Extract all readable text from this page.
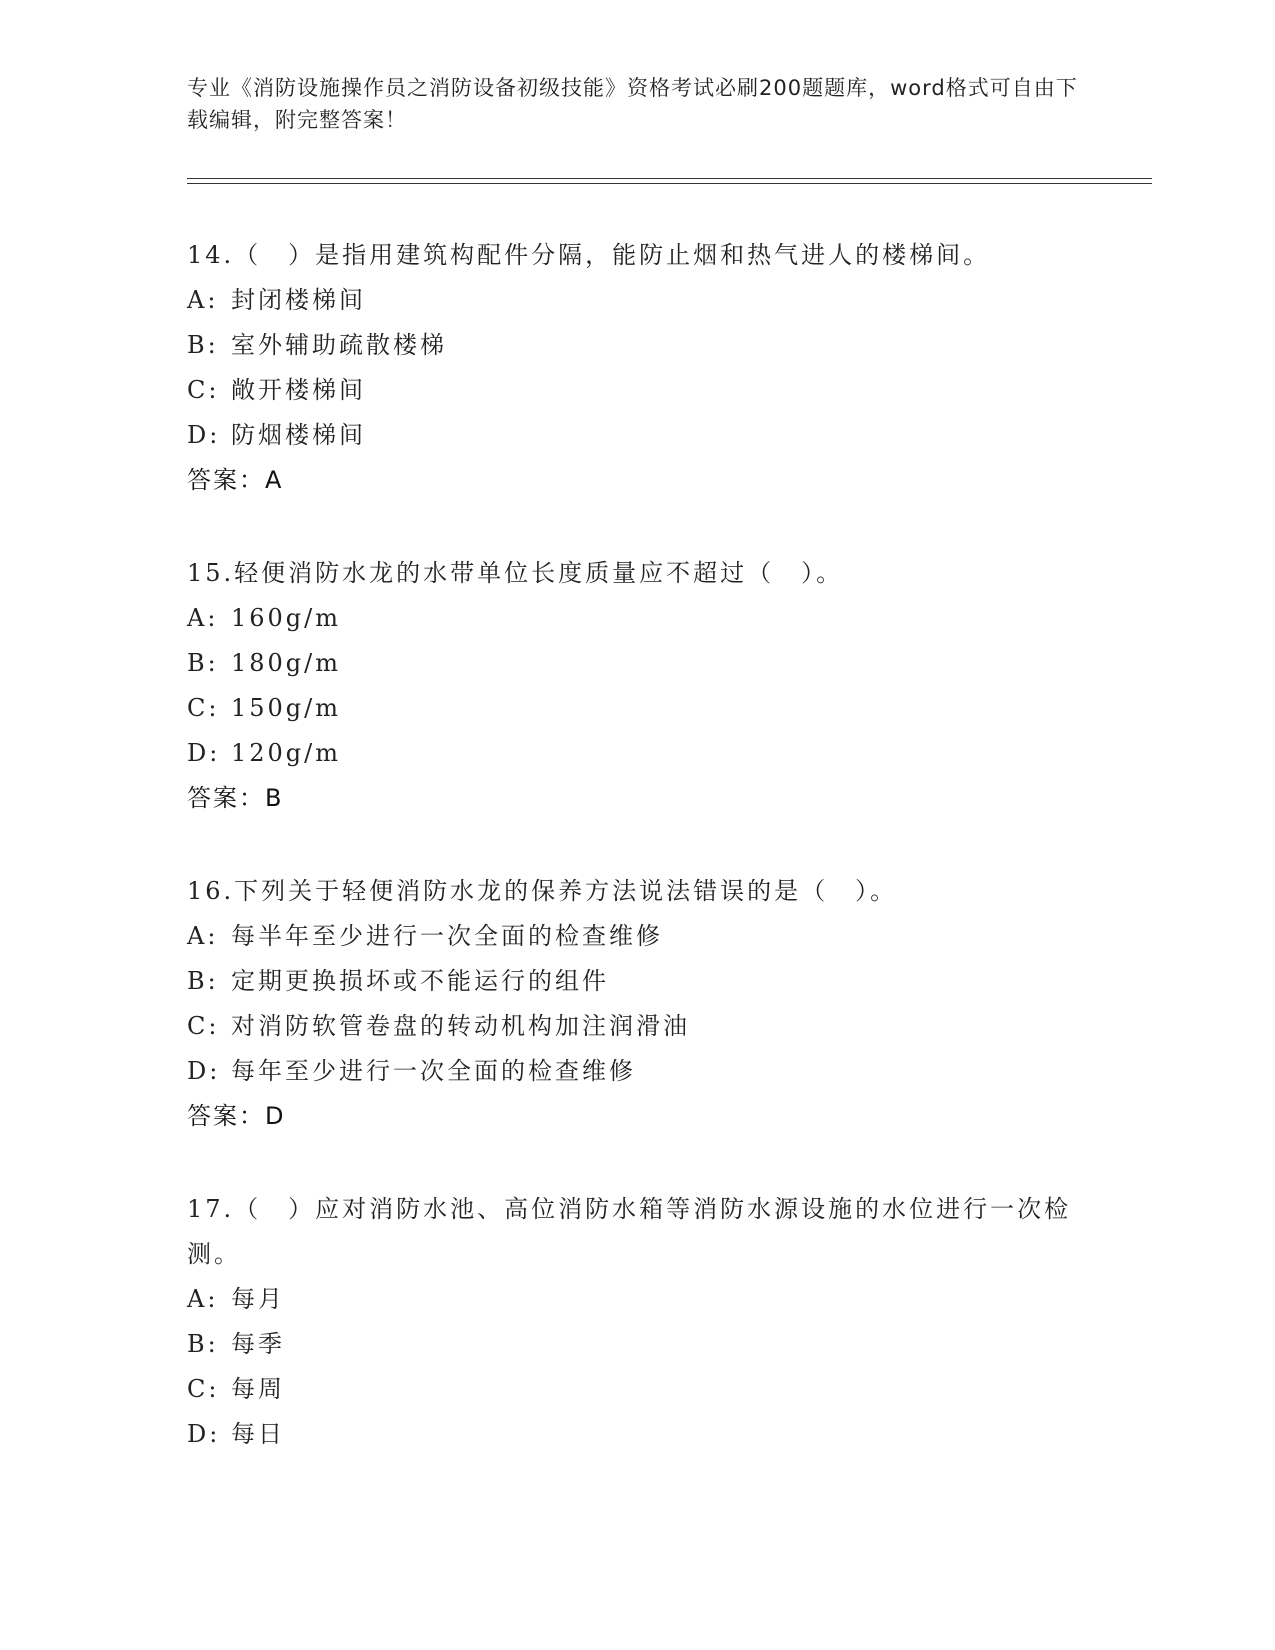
专业《消防设施操作员之消防设备初级技能》资格考试必刷200题题库，word格式可自由下载编辑，附完整答案！

14.（　）是指用建筑构配件分隔，能防止烟和热气进人的楼梯间。

A: 封闭楼梯间

B: 室外辅助疏散楼梯

C: 敞开楼梯间

D: 防烟楼梯间

答案：A

15.轻便消防水龙的水带单位长度质量应不超过（　）。

A: 160g/m

B: 180g/m

C: 150g/m

D: 120g/m

答案：B

16.下列关于轻便消防水龙的保养方法说法错误的是（　）。

A: 每半年至少进行一次全面的检查维修

B: 定期更换损坏或不能运行的组件

C: 对消防软管卷盘的转动机构加注润滑油

D: 每年至少进行一次全面的检查维修

答案：D

17.（　）应对消防水池、高位消防水箱等消防水源设施的水位进行一次检测。

A: 每月

B: 每季

C: 每周

D: 每日
